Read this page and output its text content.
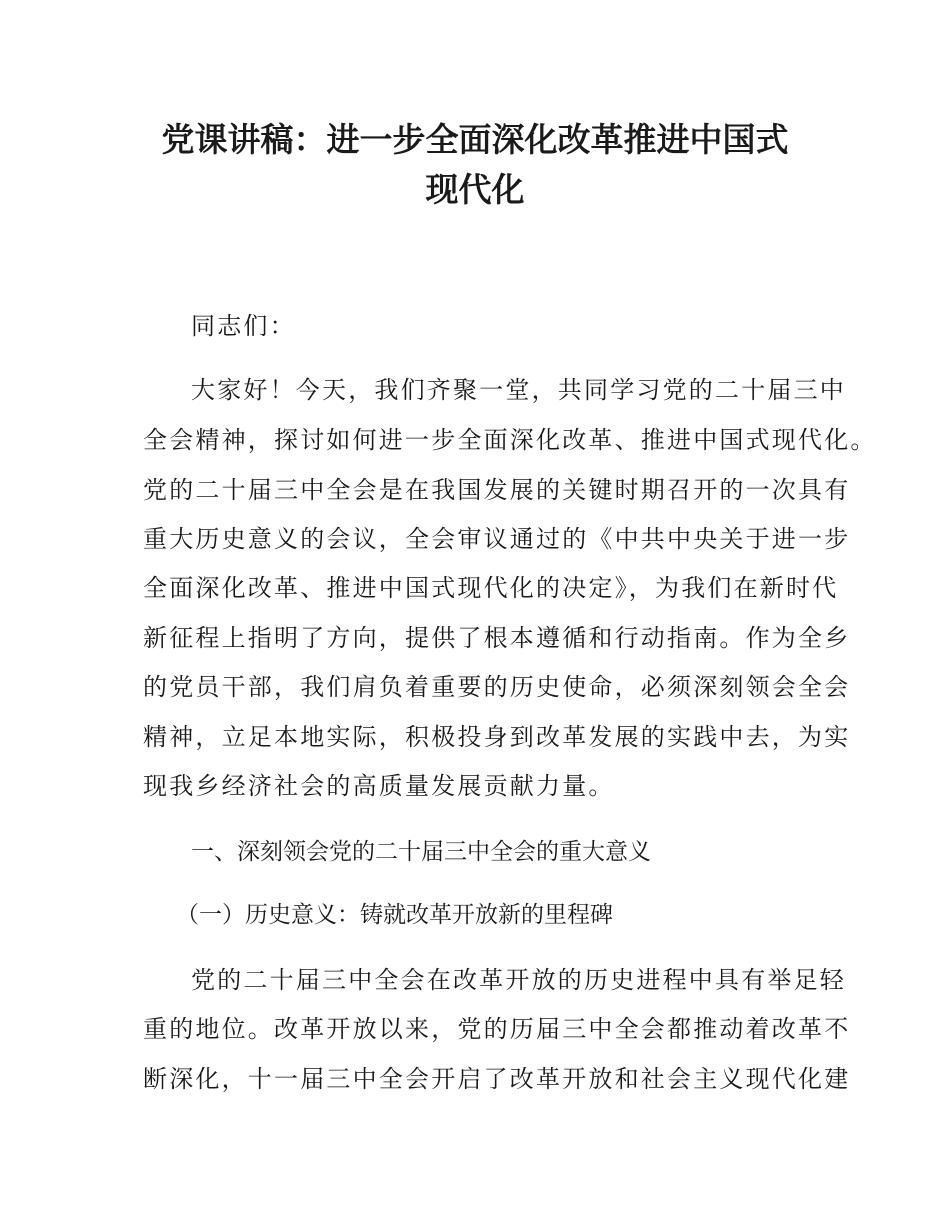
党课讲稿：进一步全面深化改革推进中国式
现代化

同志们：

大家好！今天，我们齐聚一堂，共同学习党的二十届三中

全会精神，探讨如何进一步全面深化改革、推进中国式现代化。

党的二十届三中全会是在我国发展的关键时期召开的一次具有

重大历史意义的会议，全会审议通过的《中共中央关于进一步

全面深化改革、推进中国式现代化的决定》，为我们在新时代

新征程上指明了方向，提供了根本遵循和行动指南。作为全乡

的党员干部，我们肩负着重要的历史使命，必须深刻领会全会

精神，立足本地实际，积极投身到改革发展的实践中去，为实

现我乡经济社会的高质量发展贡献力量。

一、深刻领会党的二十届三中全会的重大意义

（一）历史意义：铸就改革开放新的里程碑

党的二十届三中全会在改革开放的历史进程中具有举足轻

重的地位。改革开放以来，党的历届三中全会都推动着改革不

断深化，十一届三中全会开启了改革开放和社会主义现代化建
